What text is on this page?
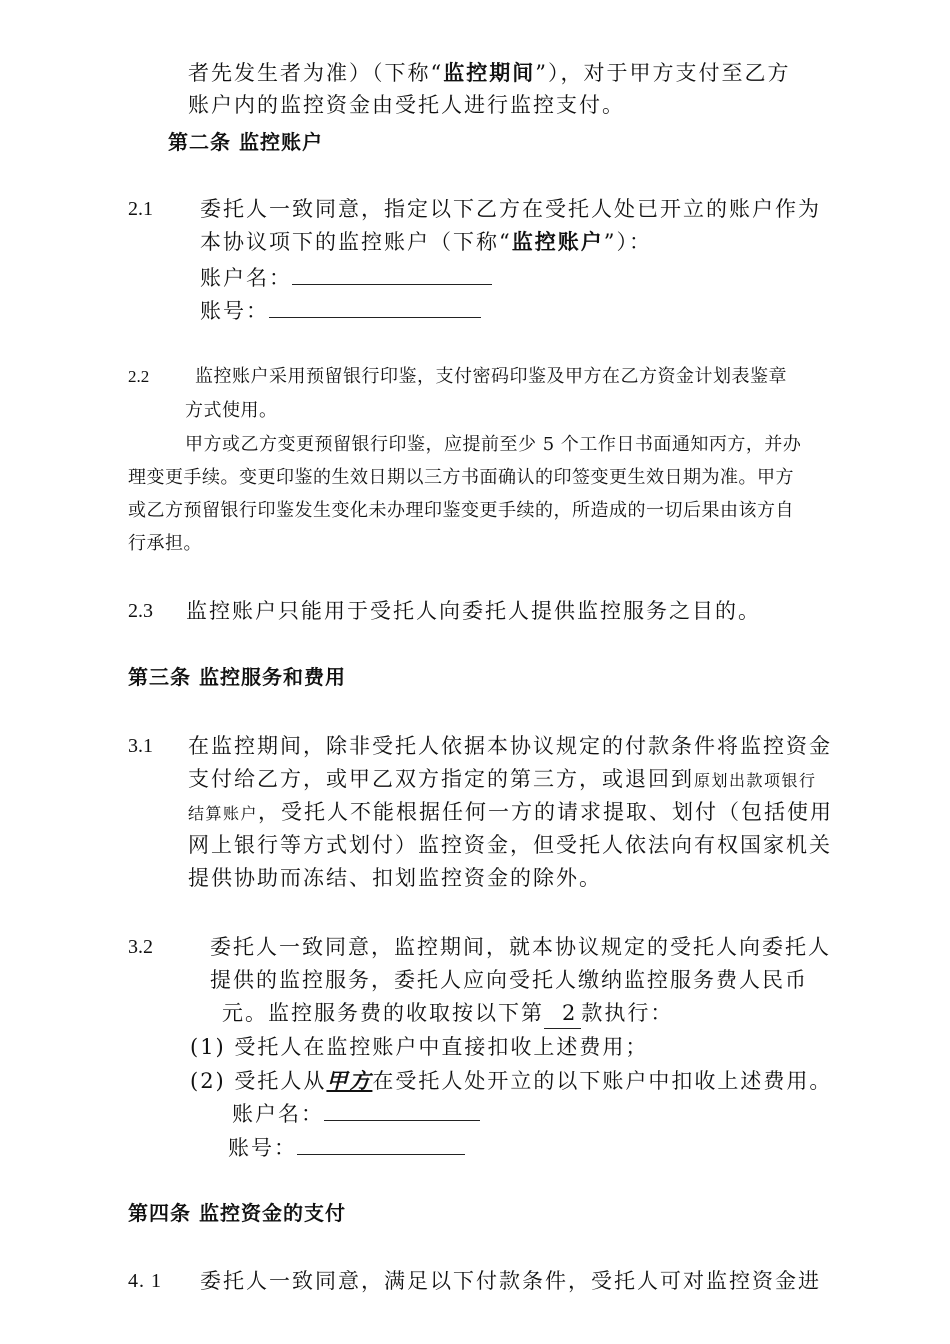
者先发生者为准）（下称“监控期间”），对于甲方支付至乙方
账户内的监控资金由受托人进行监控支付。
第二条 监控账户
2.1 委托人一致同意，指定以下乙方在受托人处已开立的账户作为
本协议项下的监控账户（下称“监控账户”）：
账户名：
账号：
2.2	监控账户采用预留银行印鉴，支付密码印鉴及甲方在乙方资金计划表鉴章
方式使用。
甲方或乙方变更预留银行印鉴，应提前至少 5 个工作日书面通知丙方，并办
理变更手续。变更印鉴的生效日期以三方书面确认的印签变更生效日期为准。甲方
或乙方预留银行印鉴发生变化未办理印鉴变更手续的，所造成的一切后果由该方自
行承担。
2.3 监控账户只能用于受托人向委托人提供监控服务之目的。
第三条 监控服务和费用
3.1 在监控期间，除非受托人依据本协议规定的付款条件将监控资金
支付给乙方，或甲乙双方指定的第三方，或退回到原划出款项银行
结算账户，受托人不能根据任何一方的请求提取、划付（包括使用
网上银行等方式划付）监控资金，但受托人依法向有权国家机关
提供协助而冻结、扣划监控资金的除外。
3.2	委托人一致同意，监控期间，就本协议规定的受托人向委托人
提供的监控服务，委托人应向受托人缴纳监控服务费人民币
元。监控服务费的收取按以下第 2 款执行：
(1) 受托人在监控账户中直接扣收上述费用；
(2) 受托人从甲方在受托人处开立的以下账户中扣收上述费用。
账户名：
账号：
第四条 监控资金的支付
4. 1 委托人一致同意，满足以下付款条件，受托人可对监控资金进
